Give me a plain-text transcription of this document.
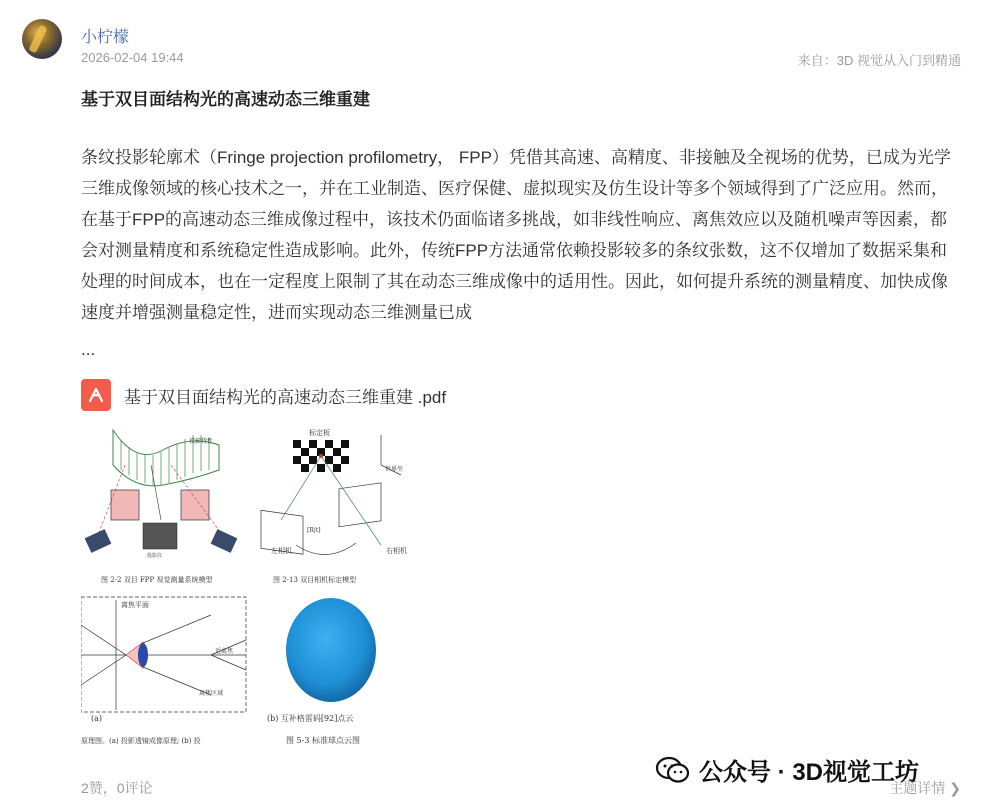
小柠檬
2026-02-04 19:44	来自：3D 视觉从入门到精通
基于双目面结构光的高速动态三维重建

条纹投影轮廓术（Fringe projection profilometry， FPP）凭借其高速、高精度、非接触及全视场的优势，已成为光学三维成像领域的核心技术之一，并在工业制造、医疗保健、虚拟现实及仿生设计等多个领域得到了广泛应用。然而，在基于FPP的高速动态三维成像过程中，该技术仍面临诸多挑战，如非线性响应、离焦效应以及随机噪声等因素，都会对测量精度和系统稳定性造成影响。此外，传统FPP方法通常依赖投影较多的条纹张数，这不仅增加了数据采集和处理的时间成本，也在一定程度上限制了其在动态三维成像中的适用性。因此，如何提升系统的测量精度、加快成像速度并增强测量稳定性，进而实现动态三维测量已成

...
基于双目面结构光的高速动态三维重建 .pdf
投影特性
投影仪
图 2-2 双目 FPP 视觉测量系统模型
标定板
世界坐
[R|t]
左相机	右相机
图 2-13 双目相机标定模型
离焦平面
近离焦
离焦区域
(a)
原理图。(a) 投影透镜成像原理; (b) 投
(b) 互补格雷码[92]点云
图 5-3 标准球点云图
2赞，0评论
公众号 · 3D视觉工坊
主题详情 ❯
